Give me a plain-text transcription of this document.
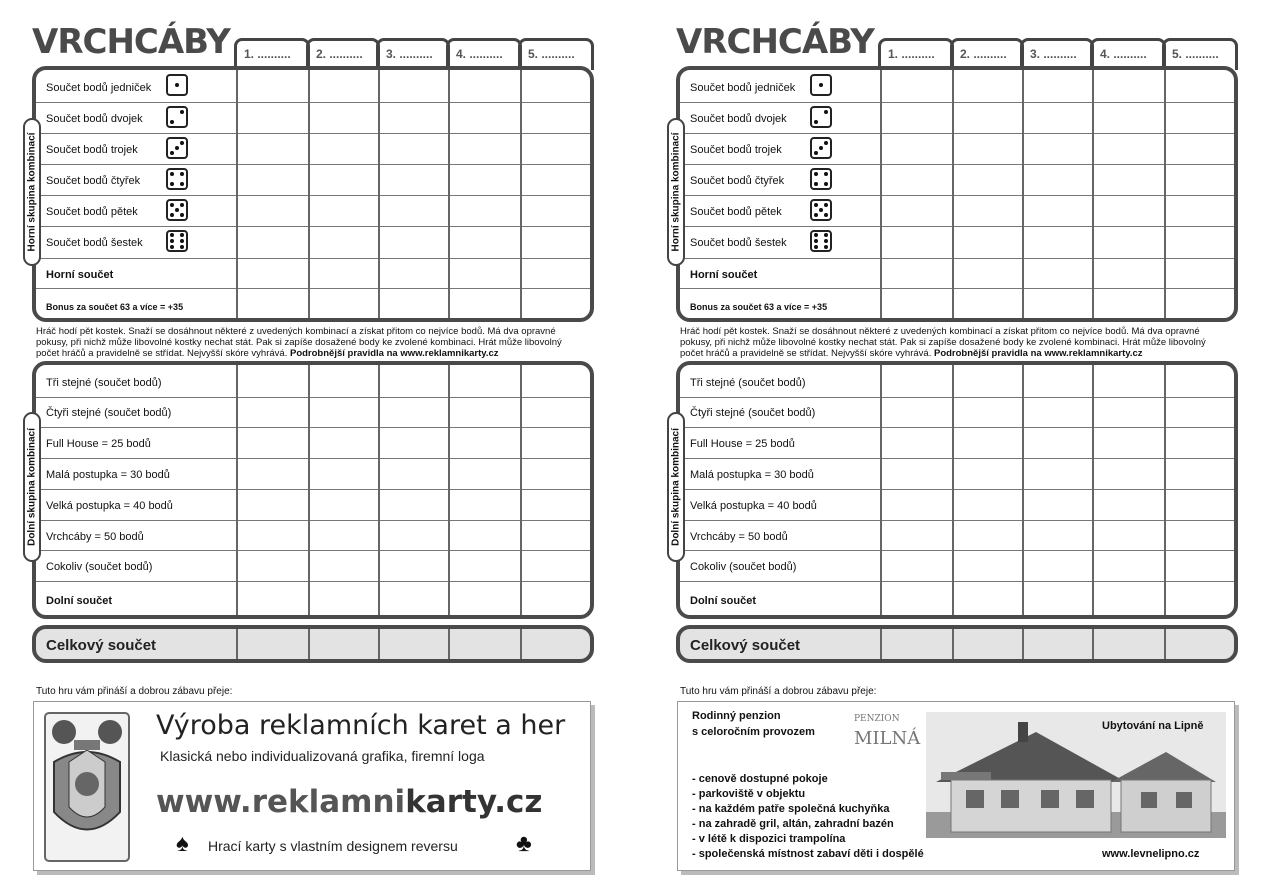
VRCHCÁBY	1. ..........	2. ..........	3. ..........	4. ..........	5. ..........
Součet bodů jedniček
Součet bodů dvojek
Součet bodů trojek
Součet bodů čtyřek
Součet bodů pětek
Součet bodů šestek
Horní součet
Bonus za součet 63 a více = +35
Horní skupina kombinací
Hráč hodí pět kostek. Snaží se dosáhnout některé z uvedených kombinací a získat přitom co nejvíce bodů. Má dva opravné pokusy, při nichž může libovolné kostky nechat stát. Pak si zapíše dosažené body ke zvolené kombinaci. Hrát může libovolný počet hráčů a pravidelně se střídat. Nejvyšší skóre vyhrává. Podrobnější pravidla na www.reklamnikarty.cz
Tři stejné (součet bodů)
Čtyři stejné (součet bodů)
Full House = 25 bodů
Malá postupka = 30 bodů
Velká postupka = 40 bodů
Vrchcáby = 50 bodů
Cokoliv (součet bodů)
Dolní součet
Dolní skupina kombinací
Celkový součet
Tuto hru vám přináší a dobrou zábavu přeje:
Výroba reklamních karet a her
Klasická nebo individualizovaná grafika, firemní loga
www.reklamnikarty.cz
♠ Hrací karty s vlastním designem reversu ♣
VRCHCÁBY	1. ..........	2. ..........	3. ..........	4. ..........	5. ..........
Součet bodů jedniček
Součet bodů dvojek
Součet bodů trojek
Součet bodů čtyřek
Součet bodů pětek
Součet bodů šestek
Horní součet
Bonus za součet 63 a více = +35
Horní skupina kombinací
Hráč hodí pět kostek. Snaží se dosáhnout některé z uvedených kombinací a získat přitom co nejvíce bodů. Má dva opravné pokusy, při nichž může libovolné kostky nechat stát. Pak si zapíše dosažené body ke zvolené kombinaci. Hrát může libovolný počet hráčů a pravidelně se střídat. Nejvyšší skóre vyhrává. Podrobnější pravidla na www.reklamnikarty.cz
Tři stejné (součet bodů)
Čtyři stejné (součet bodů)
Full House = 25 bodů
Malá postupka = 30 bodů
Velká postupka = 40 bodů
Vrchcáby = 50 bodů
Cokoliv (součet bodů)
Dolní součet
Dolní skupina kombinací
Celkový součet
Tuto hru vám přináší a dobrou zábavu přeje:
Rodinný penzion
s celoročním provozem
PENZION
MILNÁ
Ubytování na Lipně
- cenově dostupné pokoje
- parkoviště v objektu
- na každém patře společná kuchyňka
- na zahradě gril, altán, zahradní bazén
- v létě k dispozici trampolína
- společenská místnost zabaví děti i dospělé	www.levnelipno.cz
